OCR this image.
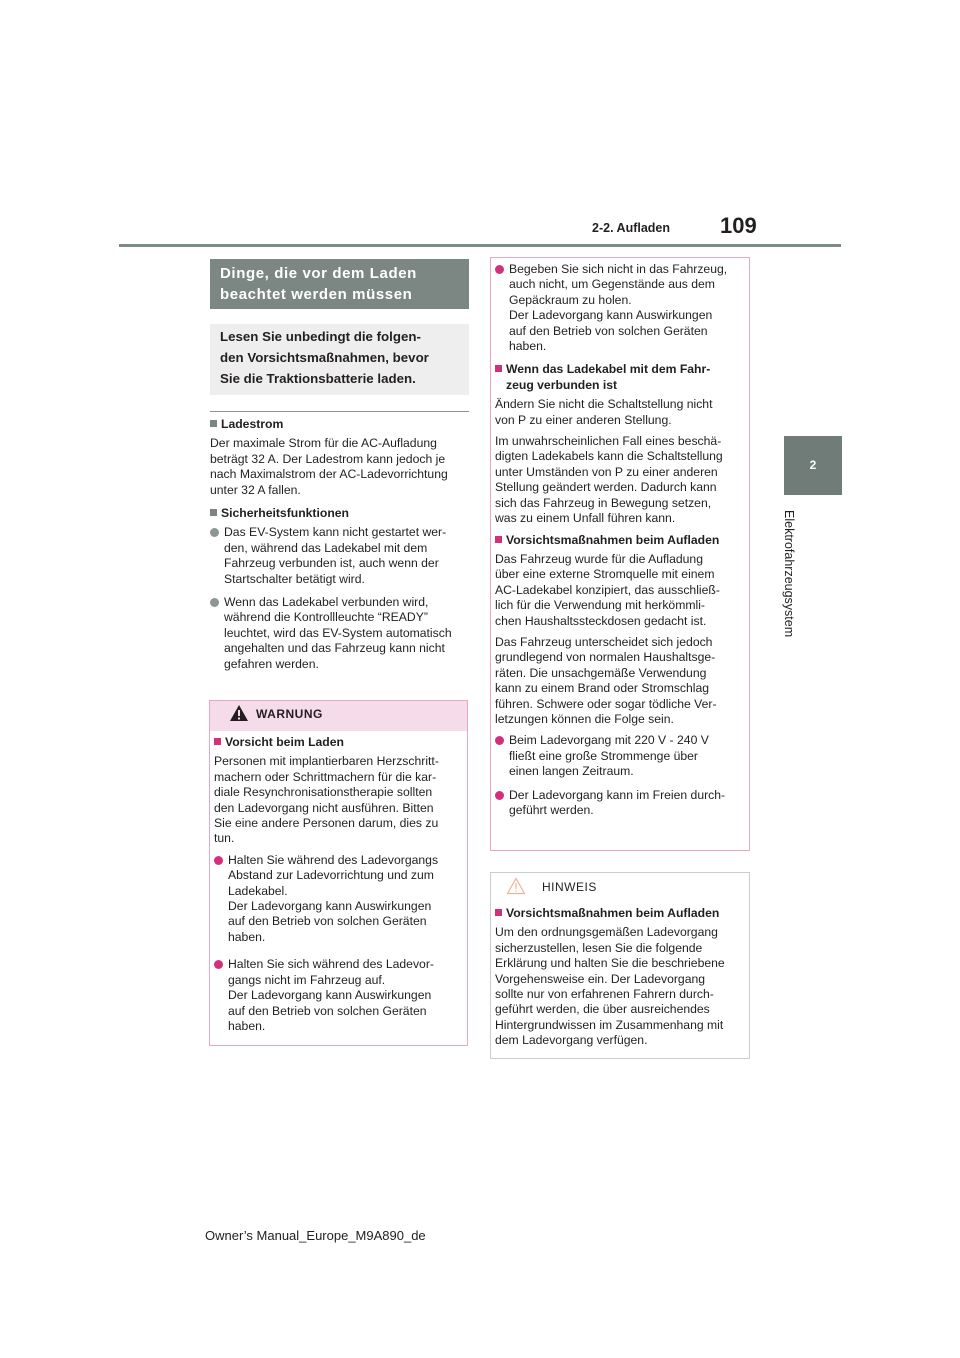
109
2-2. Aufladen
2
Elektrofahrzeugsystem
Dinge, die vor dem Laden beachtet werden müssen
Lesen Sie unbedingt die folgen-
den Vorsichtsmaßnahmen, bevor
Sie die Traktionsbatterie laden.
Ladestrom

Der maximale Strom für die AC-Aufladung
beträgt 32 A. Der Ladestrom kann jedoch je
nach Maximalstrom der AC-Ladevorrichtung
unter 32 A fallen.

Sicherheitsfunktionen
Das EV-System kann nicht gestartet wer-
den, während das Ladekabel mit dem
Fahrzeug verbunden ist, auch wenn der
Startschalter betätigt wird.
Wenn das Ladekabel verbunden wird,
während die Kontrollleuchte “READY”
leuchtet, wird das EV-System automatisch
angehalten und das Fahrzeug kann nicht
gefahren werden.
WARNUNG
Vorsicht beim Laden

Personen mit implantierbaren Herzschritt-
machern oder Schrittmachern für die kar-
diale Resynchronisationstherapie sollten
den Ladevorgang nicht ausführen. Bitten
Sie eine andere Personen darum, dies zu
tun.

Halten Sie während des Ladevorgangs
Abstand zur Ladevorrichtung und zum
Ladekabel.
Der Ladevorgang kann Auswirkungen
auf den Betrieb von solchen Geräten
haben.
Halten Sie sich während des Ladevor-
gangs nicht im Fahrzeug auf.
Der Ladevorgang kann Auswirkungen
auf den Betrieb von solchen Geräten
haben.
Begeben Sie sich nicht in das Fahrzeug,
auch nicht, um Gegenstände aus dem
Gepäckraum zu holen.
Der Ladevorgang kann Auswirkungen
auf den Betrieb von solchen Geräten
haben.
Wenn das Ladekabel mit dem Fahr-
zeug verbunden ist

Ändern Sie nicht die Schaltstellung nicht
von P zu einer anderen Stellung.

Im unwahrscheinlichen Fall eines beschä-
digten Ladekabels kann die Schaltstellung
unter Umständen von P zu einer anderen
Stellung geändert werden. Dadurch kann
sich das Fahrzeug in Bewegung setzen,
was zu einem Unfall führen kann.

Vorsichtsmaßnahmen beim Aufladen

Das Fahrzeug wurde für die Aufladung
über eine externe Stromquelle mit einem
AC-Ladekabel konzipiert, das ausschließ-
lich für die Verwendung mit herkömmli-
chen Haushaltssteckdosen gedacht ist.

Das Fahrzeug unterscheidet sich jedoch
grundlegend von normalen Haushaltsge-
räten. Die unsachgemäße Verwendung
kann zu einem Brand oder Stromschlag
führen. Schwere oder sogar tödliche Ver-
letzungen können die Folge sein.

Beim Ladevorgang mit 220 V - 240 V
fließt eine große Strommenge über
einen langen Zeitraum.
Der Ladevorgang kann im Freien durch-
geführt werden.
HINWEIS
Vorsichtsmaßnahmen beim Aufladen

Um den ordnungsgemäßen Ladevorgang
sicherzustellen, lesen Sie die folgende
Erklärung und halten Sie die beschriebene
Vorgehensweise ein. Der Ladevorgang
sollte nur von erfahrenen Fahrern durch-
geführt werden, die über ausreichendes
Hintergrundwissen im Zusammenhang mit
dem Ladevorgang verfügen.

Owner’s Manual_Europe_M9A890_de
